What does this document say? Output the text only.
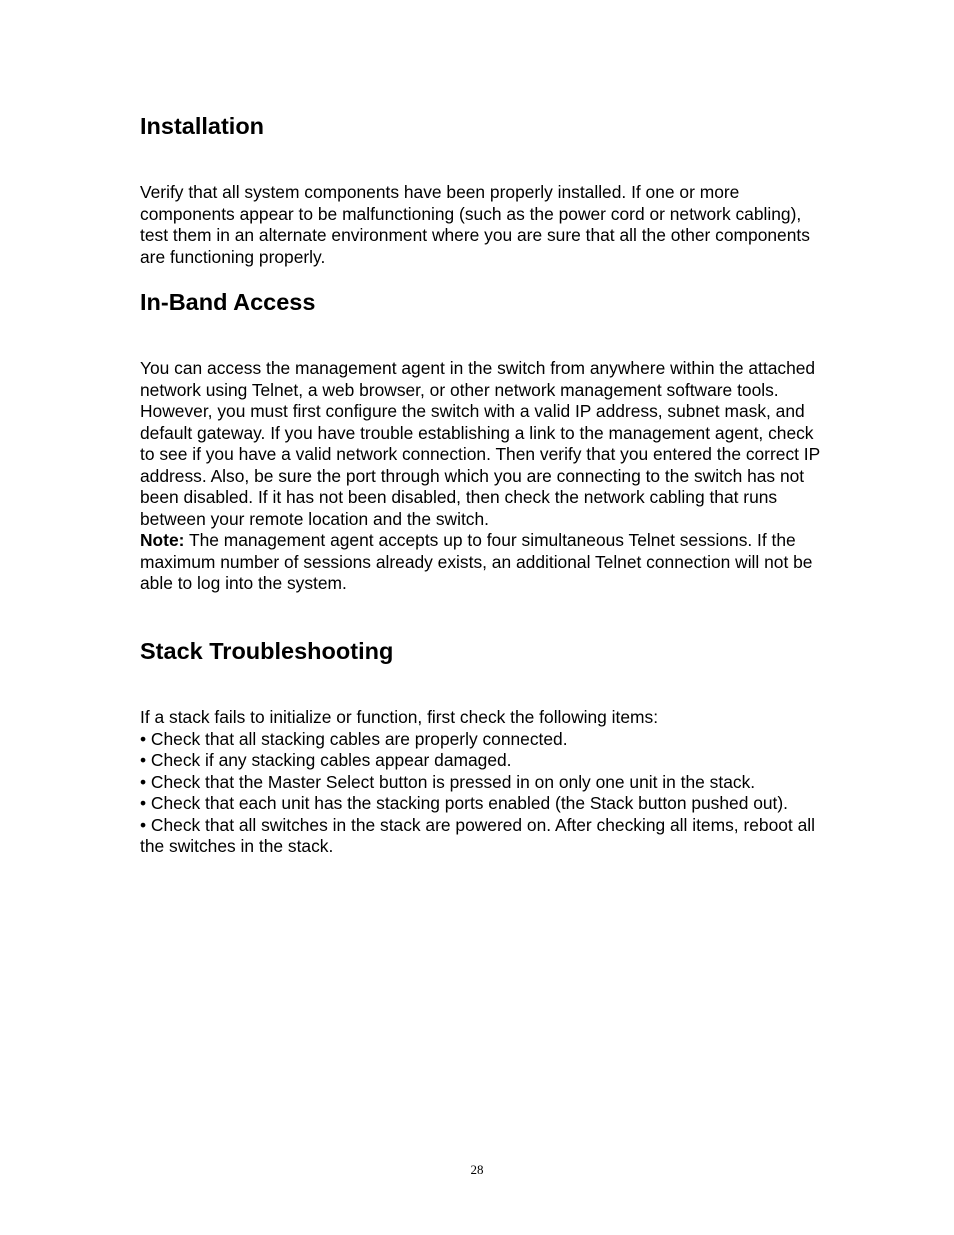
Installation

Verify that all system components have been properly installed. If one or more components appear to be malfunctioning (such as the power cord or network cabling), test them in an alternate environment where you are sure that all the other components are functioning properly.

In-Band Access

You can access the management agent in the switch from anywhere within the attached network using Telnet, a web browser, or other network management software tools. However, you must first configure the switch with a valid IP address, subnet mask, and default gateway. If you have trouble establishing a link to the management agent, check to see if you have a valid network connection. Then verify that you entered the correct IP address. Also, be sure the port through which you are connecting to the switch has not been disabled. If it has not been disabled, then check the network cabling that runs between your remote location and the switch.

Note: The management agent accepts up to four simultaneous Telnet sessions. If the maximum number of sessions already exists, an additional Telnet connection will not be able to log into the system.

Stack Troubleshooting

If a stack fails to initialize or function, first check the following items:

• Check that all stacking cables are properly connected.

• Check if any stacking cables appear damaged.

• Check that the Master Select button is pressed in on only one unit in the stack.

• Check that each unit has the stacking ports enabled (the Stack button pushed out).

• Check that all switches in the stack are powered on. After checking all items, reboot all the switches in the stack.

28
